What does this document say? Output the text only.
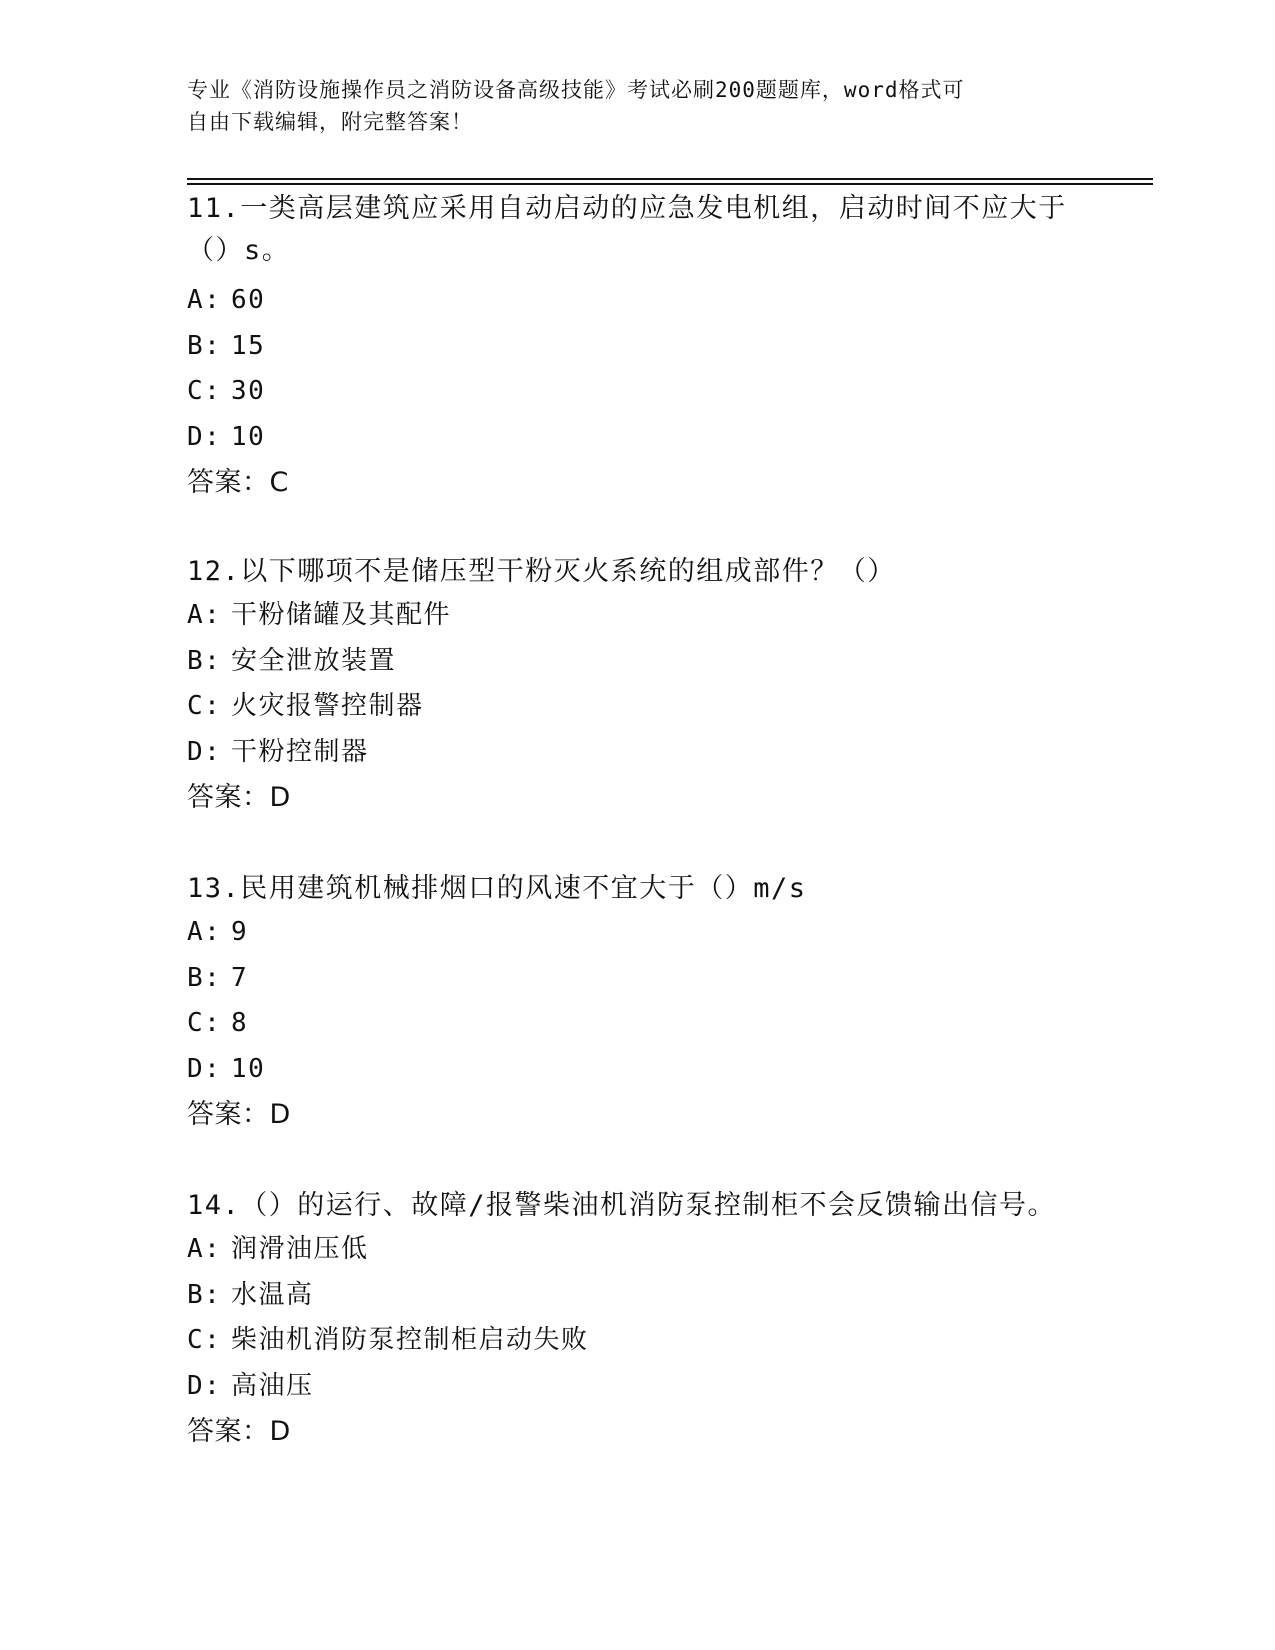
专业《消防设施操作员之消防设备高级技能》考试必刷200题题库，word格式可
自由下载编辑，附完整答案！
11.一类高层建筑应采用自动启动的应急发电机组，启动时间不应大于
（）s。
A: 60
B: 15
C: 30
D: 10
答案：C
12.以下哪项不是储压型干粉灭火系统的组成部件？（）
A: 干粉储罐及其配件
B: 安全泄放装置
C: 火灾报警控制器
D: 干粉控制器
答案：D
13.民用建筑机械排烟口的风速不宜大于（）m/s
A: 9
B: 7
C: 8
D: 10
答案：D
14.（）的运行、故障/报警柴油机消防泵控制柜不会反馈输出信号。
A: 润滑油压低
B: 水温高
C: 柴油机消防泵控制柜启动失败
D: 高油压
答案：D
